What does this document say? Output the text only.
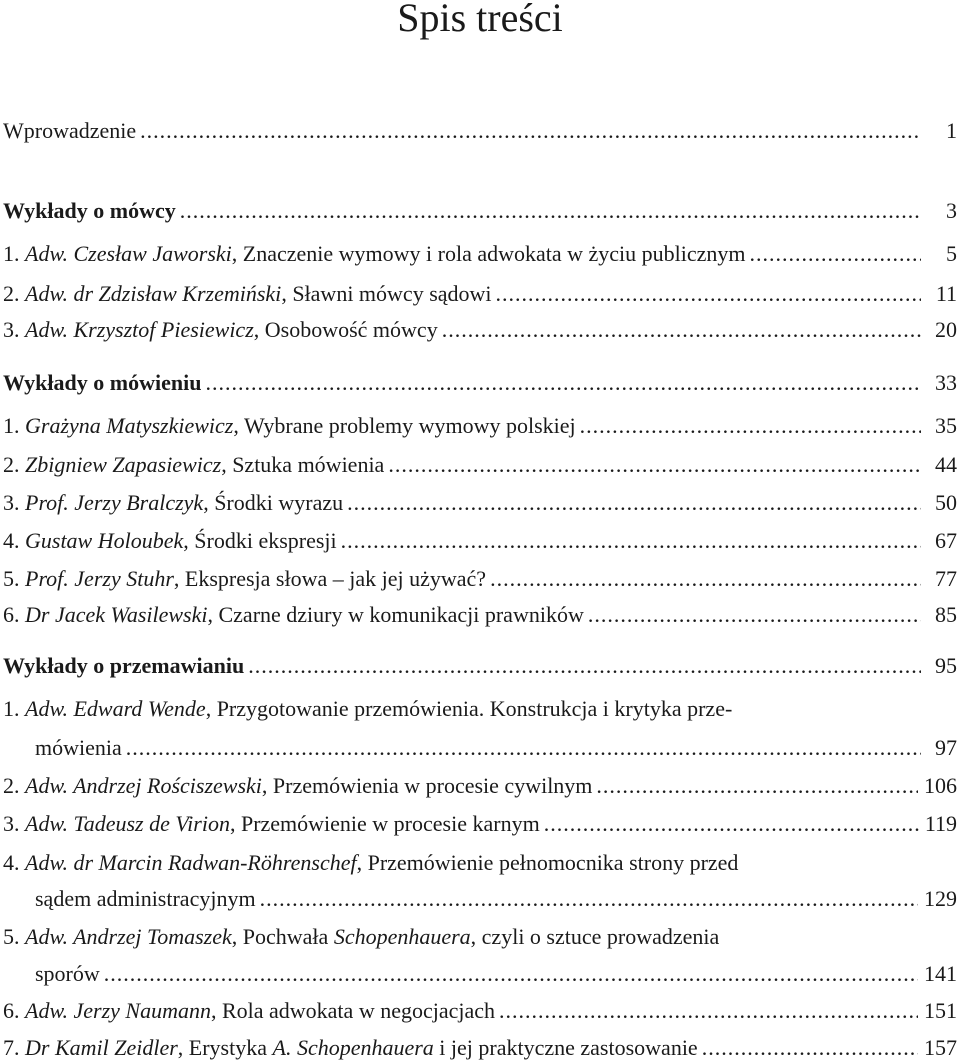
Spis treści
Wprowadzenie .....	1
Wykłady o mówcy .....	3
1. Adw. Czesław Jaworski, Znaczenie wymowy i rola adwokata w życiu publicznym .....	5
2. Adw. dr Zdzisław Krzemiński, Sławni mówcy sądowi .....	11
3. Adw. Krzysztof Piesiewicz, Osobowość mówcy .....	20
Wykłady o mówieniu .....	33
1. Grażyna Matyszkiewicz, Wybrane problemy wymowy polskiej .....	35
2. Zbigniew Zapasiewicz, Sztuka mówienia .....	44
3. Prof. Jerzy Bralczyk, Środki wyrazu .....	50
4. Gustaw Holoubek, Środki ekspresji .....	67
5. Prof. Jerzy Stuhr, Ekspresja słowa – jak jej używać? .....	77
6. Dr Jacek Wasilewski, Czarne dziury w komunikacji prawników .....	85
Wykłady o przemawianiu .....	95
1. Adw. Edward Wende, Przygotowanie przemówienia. Konstrukcja i krytyka prze-
mówienia .....	97
2. Adw. Andrzej Rościszewski, Przemówienia w procesie cywilnym .....	106
3. Adw. Tadeusz de Virion, Przemówienie w procesie karnym .....	119
4. Adw. dr Marcin Radwan-Röhrenschef, Przemówienie pełnomocnika strony przed
sądem administracyjnym .....	129
5. Adw. Andrzej Tomaszek, Pochwała Schopenhauera, czyli o sztuce prowadzenia
sporów .....	141
6. Adw. Jerzy Naumann, Rola adwokata w negocjacjach .....	151
7. Dr Kamil Zeidler, Erystyka A. Schopenhauera i jej praktyczne zastosowanie .....	157
